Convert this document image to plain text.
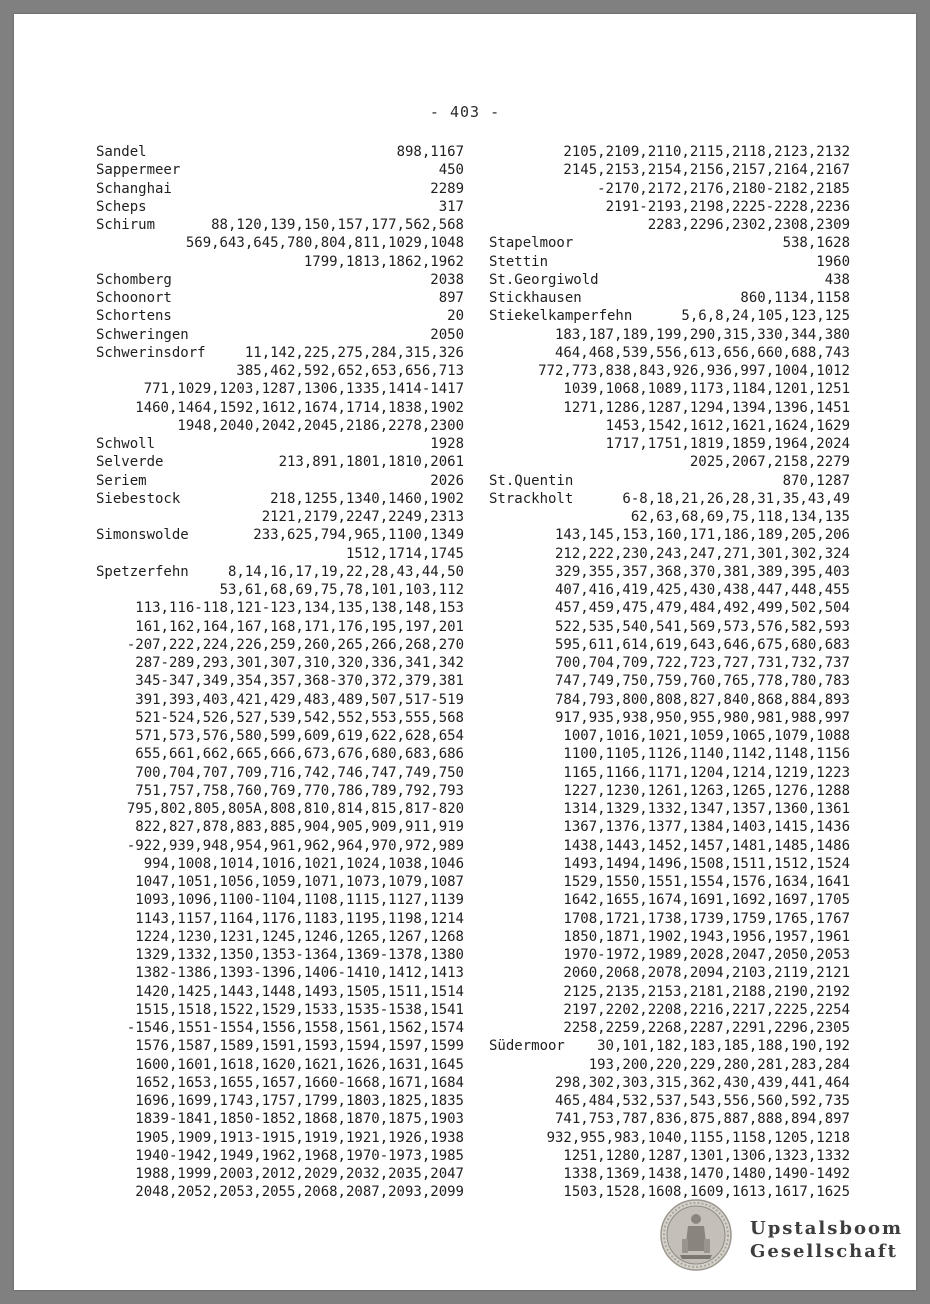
- 403 -
Sandel	898,1167
Sappermeer	450
Schanghai	2289
Scheps	317
Schirum	88,120,139,150,157,177,562,568
569,643,645,780,804,811,1029,1048
1799,1813,1862,1962
Schomberg	2038
Schoonort	897
Schortens	20
Schweringen	2050
Schwerinsdorf	11,142,225,275,284,315,326
385,462,592,652,653,656,713
771,1029,1203,1287,1306,1335,1414-1417
1460,1464,1592,1612,1674,1714,1838,1902
1948,2040,2042,2045,2186,2278,2300
Schwoll	1928
Selverde	213,891,1801,1810,2061
Seriem	2026
Siebestock	218,1255,1340,1460,1902
2121,2179,2247,2249,2313
Simonswolde	233,625,794,965,1100,1349
1512,1714,1745
Spetzerfehn	8,14,16,17,19,22,28,43,44,50
53,61,68,69,75,78,101,103,112
113,116-118,121-123,134,135,138,148,153
161,162,164,167,168,171,176,195,197,201
-207,222,224,226,259,260,265,266,268,270
287-289,293,301,307,310,320,336,341,342
345-347,349,354,357,368-370,372,379,381
391,393,403,421,429,483,489,507,517-519
521-524,526,527,539,542,552,553,555,568
571,573,576,580,599,609,619,622,628,654
655,661,662,665,666,673,676,680,683,686
700,704,707,709,716,742,746,747,749,750
751,757,758,760,769,770,786,789,792,793
795,802,805,805A,808,810,814,815,817-820
822,827,878,883,885,904,905,909,911,919
-922,939,948,954,961,962,964,970,972,989
994,1008,1014,1016,1021,1024,1038,1046
1047,1051,1056,1059,1071,1073,1079,1087
1093,1096,1100-1104,1108,1115,1127,1139
1143,1157,1164,1176,1183,1195,1198,1214
1224,1230,1231,1245,1246,1265,1267,1268
1329,1332,1350,1353-1364,1369-1378,1380
1382-1386,1393-1396,1406-1410,1412,1413
1420,1425,1443,1448,1493,1505,1511,1514
1515,1518,1522,1529,1533,1535-1538,1541
-1546,1551-1554,1556,1558,1561,1562,1574
1576,1587,1589,1591,1593,1594,1597,1599
1600,1601,1618,1620,1621,1626,1631,1645
1652,1653,1655,1657,1660-1668,1671,1684
1696,1699,1743,1757,1799,1803,1825,1835
1839-1841,1850-1852,1868,1870,1875,1903
1905,1909,1913-1915,1919,1921,1926,1938
1940-1942,1949,1962,1968,1970-1973,1985
1988,1999,2003,2012,2029,2032,2035,2047
2048,2052,2053,2055,2068,2087,2093,2099
2105,2109,2110,2115,2118,2123,2132
2145,2153,2154,2156,2157,2164,2167
-2170,2172,2176,2180-2182,2185
2191-2193,2198,2225-2228,2236
2283,2296,2302,2308,2309
Stapelmoor	538,1628
Stettin	1960
St.Georgiwold	438
Stickhausen	860,1134,1158
Stiekelkamperfehn	5,6,8,24,105,123,125
183,187,189,199,290,315,330,344,380
464,468,539,556,613,656,660,688,743
772,773,838,843,926,936,997,1004,1012
1039,1068,1089,1173,1184,1201,1251
1271,1286,1287,1294,1394,1396,1451
1453,1542,1612,1621,1624,1629
1717,1751,1819,1859,1964,2024
2025,2067,2158,2279
St.Quentin	870,1287
Strackholt	6-8,18,21,26,28,31,35,43,49
62,63,68,69,75,118,134,135
143,145,153,160,171,186,189,205,206
212,222,230,243,247,271,301,302,324
329,355,357,368,370,381,389,395,403
407,416,419,425,430,438,447,448,455
457,459,475,479,484,492,499,502,504
522,535,540,541,569,573,576,582,593
595,611,614,619,643,646,675,680,683
700,704,709,722,723,727,731,732,737
747,749,750,759,760,765,778,780,783
784,793,800,808,827,840,868,884,893
917,935,938,950,955,980,981,988,997
1007,1016,1021,1059,1065,1079,1088
1100,1105,1126,1140,1142,1148,1156
1165,1166,1171,1204,1214,1219,1223
1227,1230,1261,1263,1265,1276,1288
1314,1329,1332,1347,1357,1360,1361
1367,1376,1377,1384,1403,1415,1436
1438,1443,1452,1457,1481,1485,1486
1493,1494,1496,1508,1511,1512,1524
1529,1550,1551,1554,1576,1634,1641
1642,1655,1674,1691,1692,1697,1705
1708,1721,1738,1739,1759,1765,1767
1850,1871,1902,1943,1956,1957,1961
1970-1972,1989,2028,2047,2050,2053
2060,2068,2078,2094,2103,2119,2121
2125,2135,2153,2181,2188,2190,2192
2197,2202,2208,2216,2217,2225,2254
2258,2259,2268,2287,2291,2296,2305
Südermoor 30,101,182,183,185,188,190,192
193,200,220,229,280,281,283,284
298,302,303,315,362,430,439,441,464
465,484,532,537,543,556,560,592,735
741,753,787,836,875,887,888,894,897
932,955,983,1040,1155,1158,1205,1218
1251,1280,1287,1301,1306,1323,1332
1338,1369,1438,1470,1480,1490-1492
1503,1528,1608,1609,1613,1617,1625
Upstalsboom
Gesellschaft
